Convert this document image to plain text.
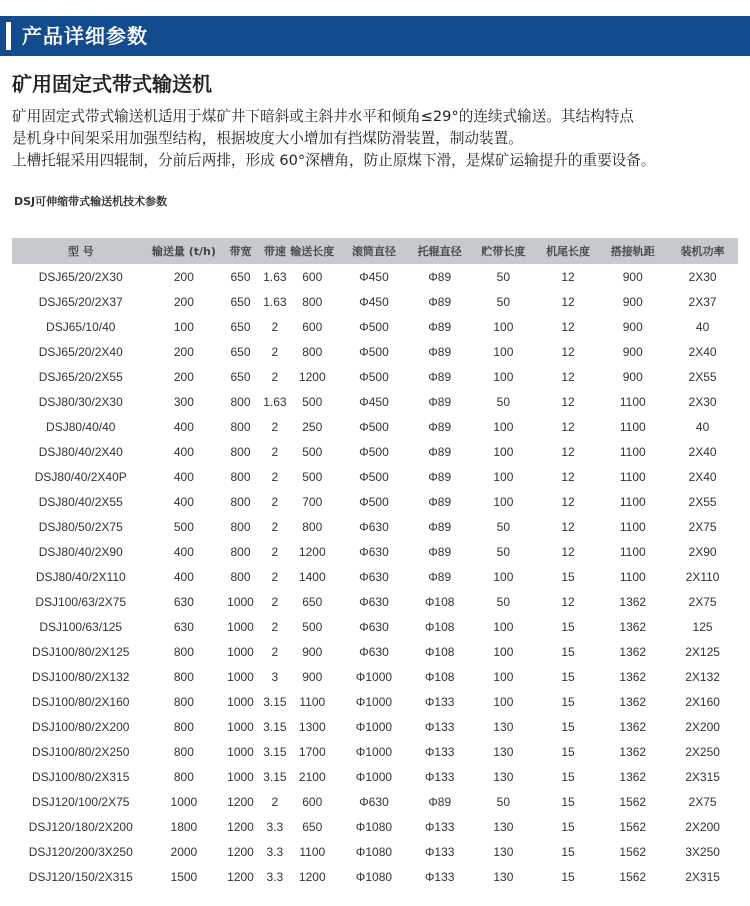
产品详细参数
矿用固定式带式输送机

矿用固定式带式输送机适用于煤矿井下暗斜或主斜井水平和倾角≤29°的连续式输送。其结构特点

是机身中间架采用加强型结构，根据坡度大小增加有挡煤防滑装置，制动装置。

上槽托辊采用四辊制，分前后两排，形成 60°深槽角，防止原煤下滑，是煤矿运输提升的重要设备。

DSJ可伸缩带式输送机技术参数
型 号	输送量 (t/h)	带宽	带速	输送长度	滚筒直径	托辊直径	贮带长度	机尾长度	搭接轨距	装机功率
DSJ65/20/2X30	200	650	1.63	600	Φ450	Φ89	50	12	900	2X30
DSJ65/20/2X37	200	650	1.63	800	Φ450	Φ89	50	12	900	2X37
DSJ65/10/40	100	650	2	600	Φ500	Φ89	100	12	900	40
DSJ65/20/2X40	200	650	2	800	Φ500	Φ89	100	12	900	2X40
DSJ65/20/2X55	200	650	2	1200	Φ500	Φ89	100	12	900	2X55
DSJ80/30/2X30	300	800	1.63	500	Φ450	Φ89	50	12	1100	2X30
DSJ80/40/40	400	800	2	250	Φ500	Φ89	100	12	1100	40
DSJ80/40/2X40	400	800	2	500	Φ500	Φ89	100	12	1100	2X40
DSJ80/40/2X40P	400	800	2	500	Φ500	Φ89	100	12	1100	2X40
DSJ80/40/2X55	400	800	2	700	Φ500	Φ89	100	12	1100	2X55
DSJ80/50/2X75	500	800	2	800	Φ630	Φ89	50	12	1100	2X75
DSJ80/40/2X90	400	800	2	1200	Φ630	Φ89	50	12	1100	2X90
DSJ80/40/2X110	400	800	2	1400	Φ630	Φ89	100	15	1100	2X110
DSJ100/63/2X75	630	1000	2	650	Φ630	Φ108	50	12	1362	2X75
DSJ100/63/125	630	1000	2	500	Φ630	Φ108	100	15	1362	125
DSJ100/80/2X125	800	1000	2	900	Φ630	Φ108	100	15	1362	2X125
DSJ100/80/2X132	800	1000	3	900	Φ1000	Φ108	100	15	1362	2X132
DSJ100/80/2X160	800	1000	3.15	1100	Φ1000	Φ133	100	15	1362	2X160
DSJ100/80/2X200	800	1000	3.15	1300	Φ1000	Φ133	130	15	1362	2X200
DSJ100/80/2X250	800	1000	3.15	1700	Φ1000	Φ133	130	15	1362	2X250
DSJ100/80/2X315	800	1000	3.15	2100	Φ1000	Φ133	130	15	1362	2X315
DSJ120/100/2X75	1000	1200	2	600	Φ630	Φ89	50	15	1562	2X75
DSJ120/180/2X200	1800	1200	3.3	650	Φ1080	Φ133	130	15	1562	2X200
DSJ120/200/3X250	2000	1200	3.3	1100	Φ1080	Φ133	130	15	1562	3X250
DSJ120/150/2X315	1500	1200	3.3	1200	Φ1080	Φ133	130	15	1562	2X315
